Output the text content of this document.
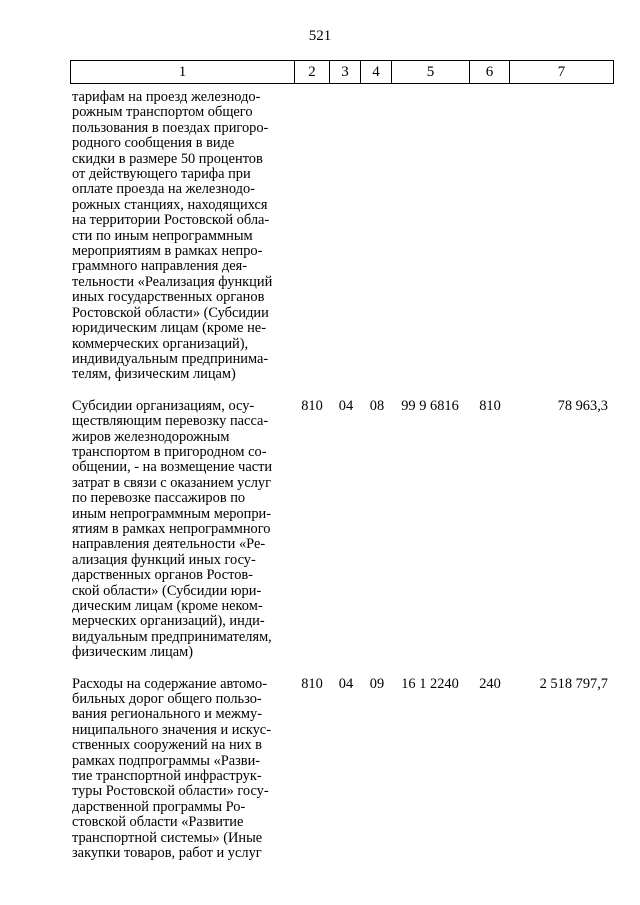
521
1	2	3	4	5	6	7
тарифам на проезд железнодо-
рожным транспортом общего
пользования в поездах пригоро-
родного сообщения в виде
скидки в размере 50 процентов
от действующего тарифа при
оплате проезда на железнодо-
рожных станциях, находящихся
на территории Ростовской обла-
сти по иным непрограммным
мероприятиям в рамках непро-
граммного направления дея-
тельности «Реализация функций
иных государственных органов
Ростовской области» (Субсидии
юридическим лицам (кроме не-
коммерческих организаций),
индивидуальным предпринима-
телям, физическим лицам)
Субсидии организациям, осу-
ществляющим перевозку пасса-
жиров железнодорожным
транспортом в пригородном со-
общении, - на возмещение части
затрат в связи с оказанием услуг
по перевозке пассажиров по
иным непрограммным меропри-
ятиям в рамках непрограммного
направления деятельности «Ре-
ализация функций иных госу-
дарственных органов Ростов-
ской области» (Субсидии юри-
дическим лицам (кроме неком-
мерческих организаций), инди-
видуальным предпринимателям,
физическим лицам)
810	04	08	99 9 6816	810	78 963,3
Расходы на содержание автомо-
бильных дорог общего пользо-
вания регионального и межму-
ниципального значения и искус-
ственных сооружений на них в
рамках подпрограммы «Разви-
тие транспортной инфраструк-
туры Ростовской области» госу-
дарственной программы Ро-
стовской области «Развитие
транспортной системы» (Иные
закупки товаров, работ и услуг
810	04	09	16 1 2240	240	2 518 797,7
